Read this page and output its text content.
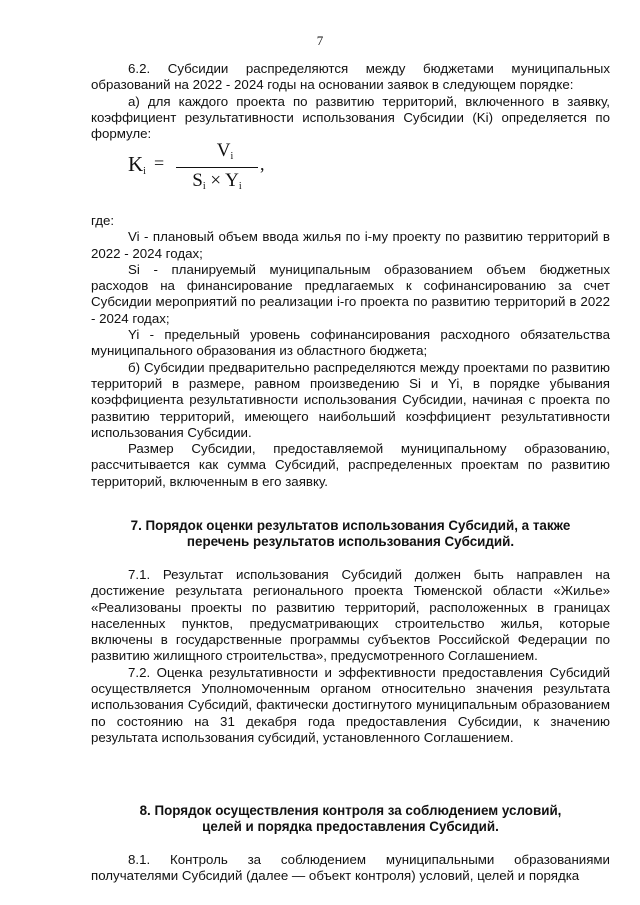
7

6.2. Субсидии распределяются между бюджетами муниципальных образований на 2022 - 2024 годы на основании заявок в следующем порядке:

а) для каждого проекта по развитию территорий, включенного в заявку, коэффициент результативности использования Субсидии (Ki) определяется по формуле:

$K_i$ =
$V_i$
$S_i \times Y_i$
,

где:

Vi - плановый объем ввода жилья по i-му проекту по развитию территорий в 2022 - 2024 годах;

Si - планируемый муниципальным образованием объем бюджетных расходов на финансирование предлагаемых к софинансированию за счет Субсидии мероприятий по реализации i-го проекта по развитию территорий в 2022 - 2024 годах;

Yi - предельный уровень софинансирования расходного обязательства муниципального образования из областного бюджета;

б) Субсидии предварительно распределяются между проектами по развитию территорий в размере, равном произведению Si и Yi, в порядке убывания коэффициента результативности использования Субсидии, начиная с проекта по развитию территорий, имеющего наибольший коэффициент результативности использования Субсидии.

Размер Субсидии, предоставляемой муниципальному образованию, рассчитывается как сумма Субсидий, распределенных проектам по развитию территорий, включенным в его заявку.

7. Порядок оценки результатов использования Субсидий, а также
перечень результатов использования Субсидий.

7.1. Результат использования Субсидий должен быть направлен на достижение результата регионального проекта Тюменской области «Жилье» «Реализованы проекты по развитию территорий, расположенных в границах населенных пунктов, предусматривающих строительство жилья, которые включены в государственные программы субъектов Российской Федерации по развитию жилищного строительства», предусмотренного Соглашением.

7.2. Оценка результативности и эффективности предоставления Субсидий осуществляется Уполномоченным органом относительно значения результата использования Субсидий, фактически достигнутого муниципальным образованием по состоянию на 31 декабря года предоставления Субсидии, к значению результата использования субсидий, установленного Соглашением.

8. Порядок осуществления контроля за соблюдением условий,
целей и порядка предоставления Субсидий.

8.1. Контроль за соблюдением муниципальными образованиями получателями Субсидий (далее — объект контроля) условий, целей и порядка
